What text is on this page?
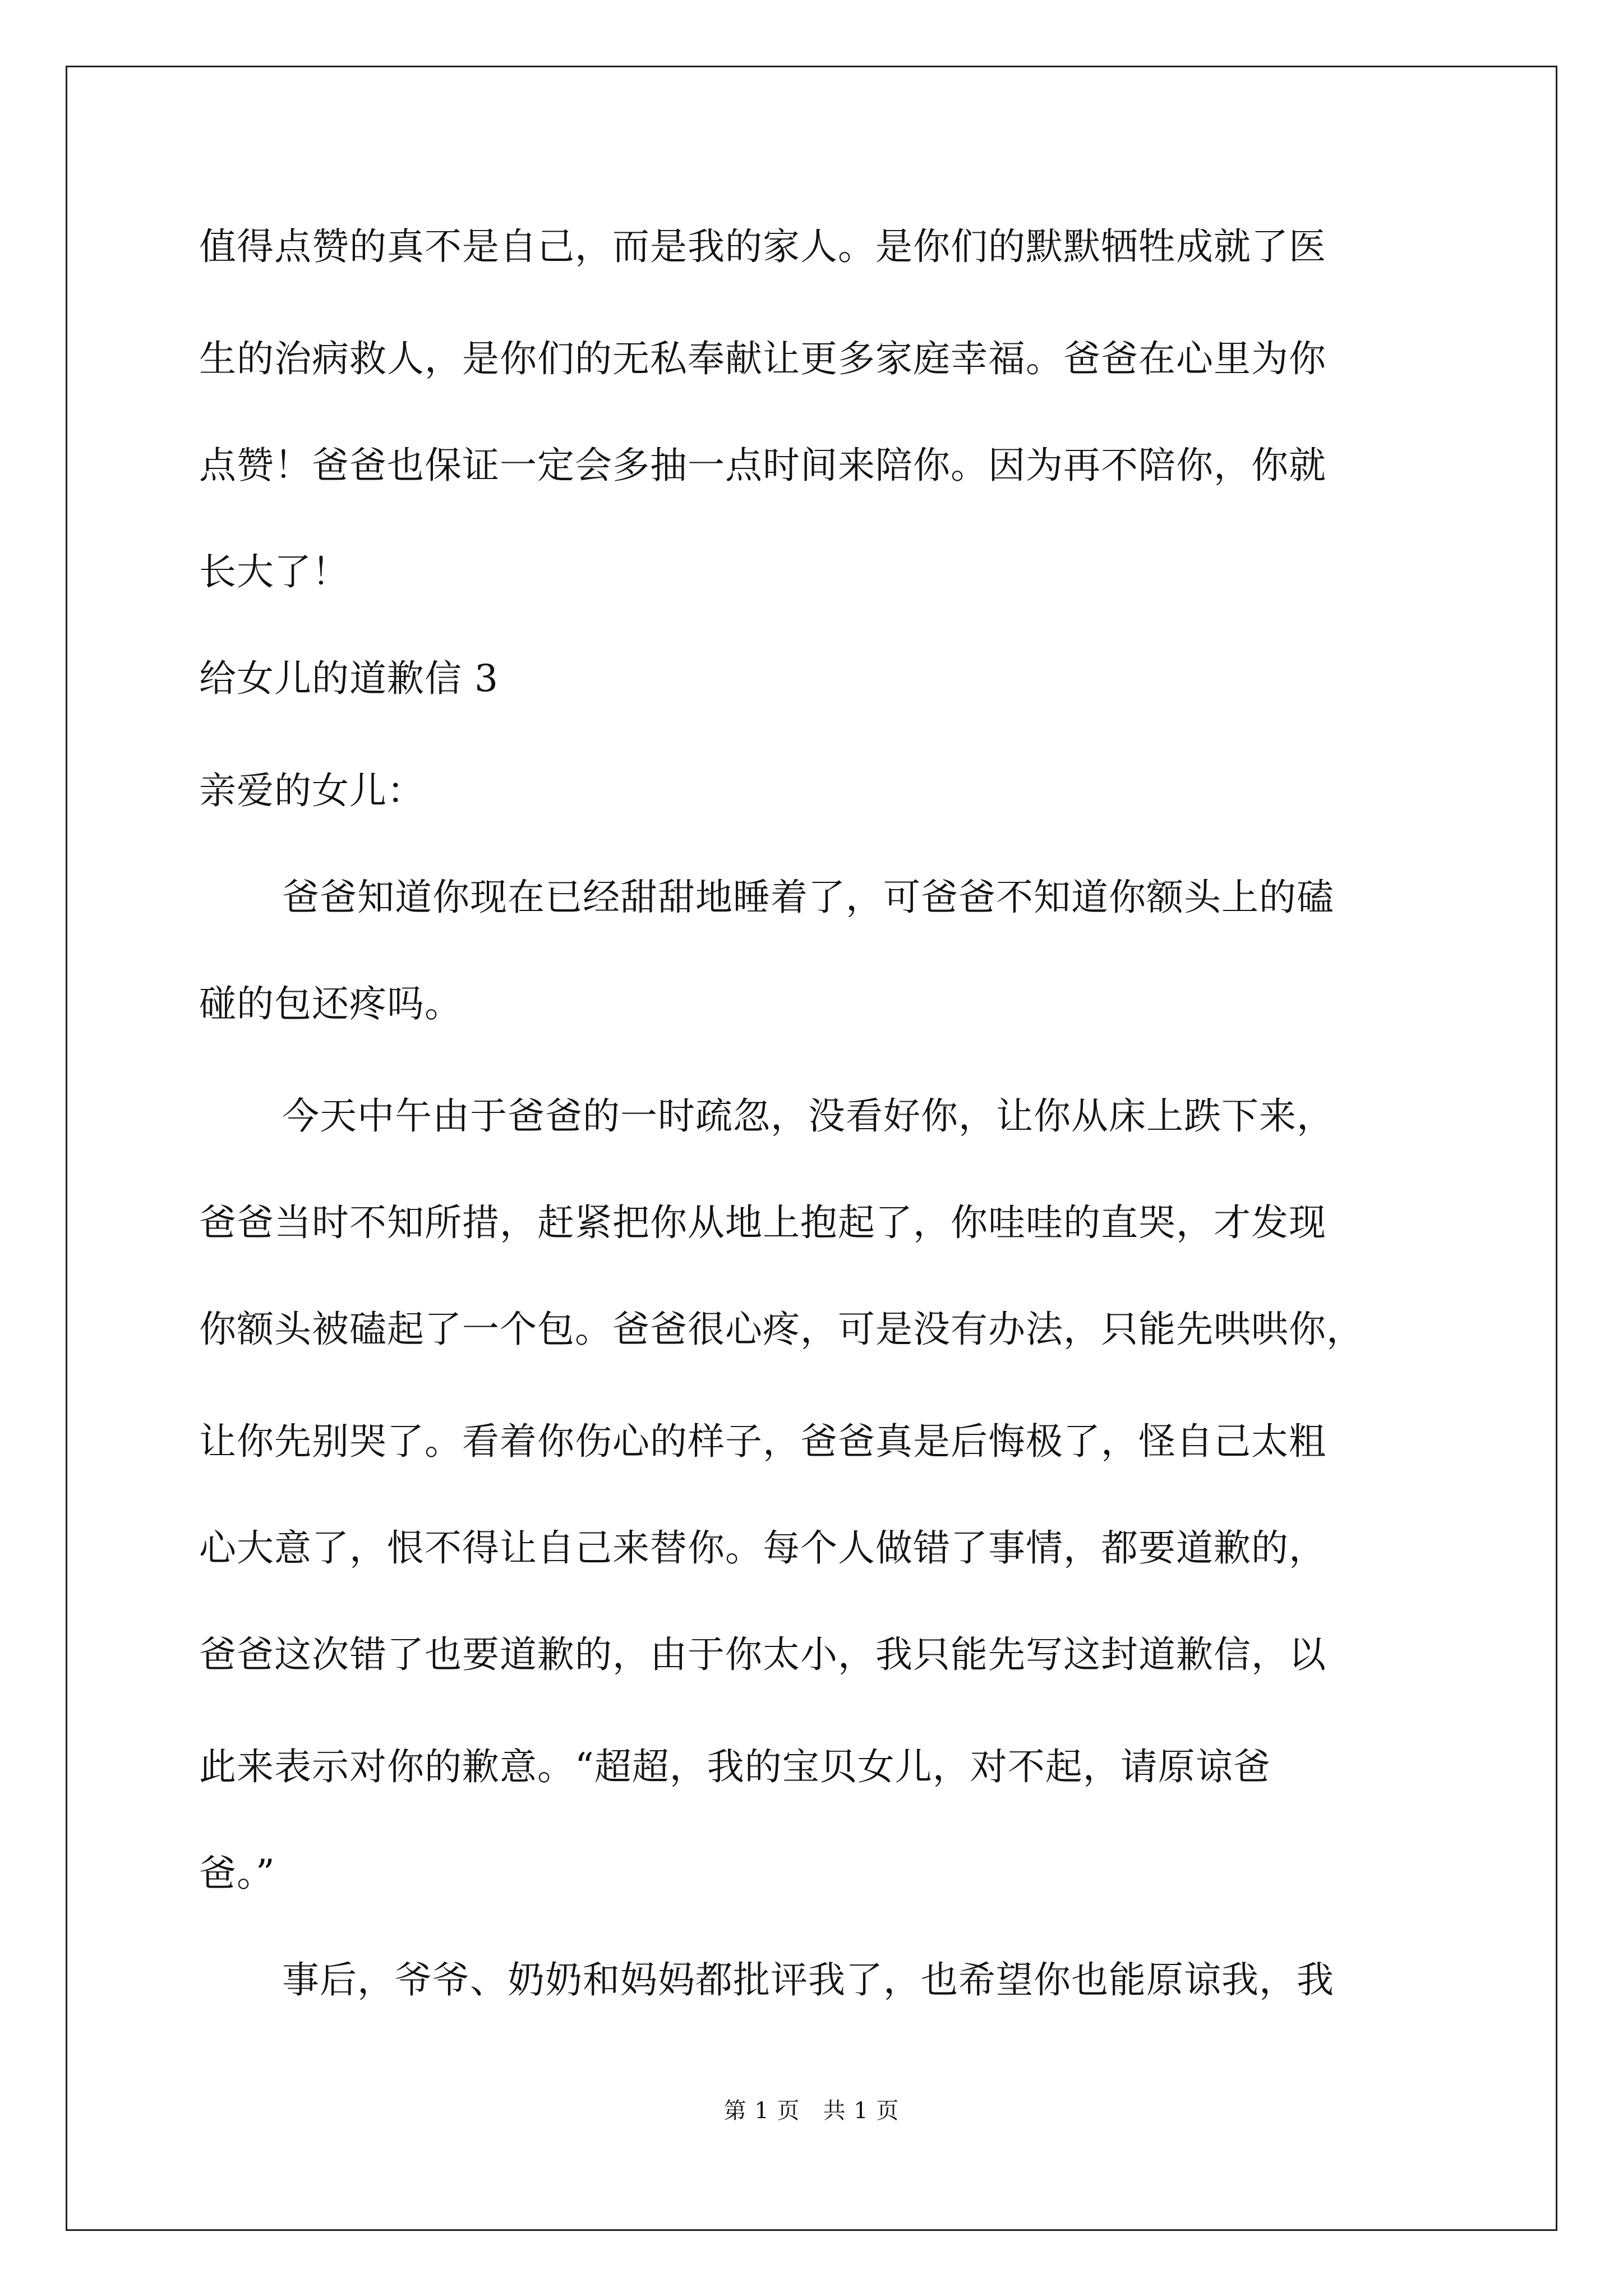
值得点赞的真不是自己，而是我的家人。是你们的默默牺牲成就了医
生的治病救人，是你们的无私奉献让更多家庭幸福。爸爸在心里为你
点赞！爸爸也保证一定会多抽一点时间来陪你。因为再不陪你，你就
长大了！
给女儿的道歉信 3
亲爱的女儿：
爸爸知道你现在已经甜甜地睡着了，可爸爸不知道你额头上的磕
碰的包还疼吗。
今天中午由于爸爸的一时疏忽，没看好你，让你从床上跌下来，
爸爸当时不知所措，赶紧把你从地上抱起了，你哇哇的直哭，才发现
你额头被磕起了一个包。爸爸很心疼，可是没有办法，只能先哄哄你，
让你先别哭了。看着你伤心的样子，爸爸真是后悔极了，怪自己太粗
心大意了，恨不得让自己来替你。每个人做错了事情，都要道歉的，
爸爸这次错了也要道歉的，由于你太小，我只能先写这封道歉信，以
此来表示对你的歉意。“超超，我的宝贝女儿，对不起，请原谅爸
爸。”
事后，爷爷、奶奶和妈妈都批评我了，也希望你也能原谅我，我
第 1 页　共 1 页
